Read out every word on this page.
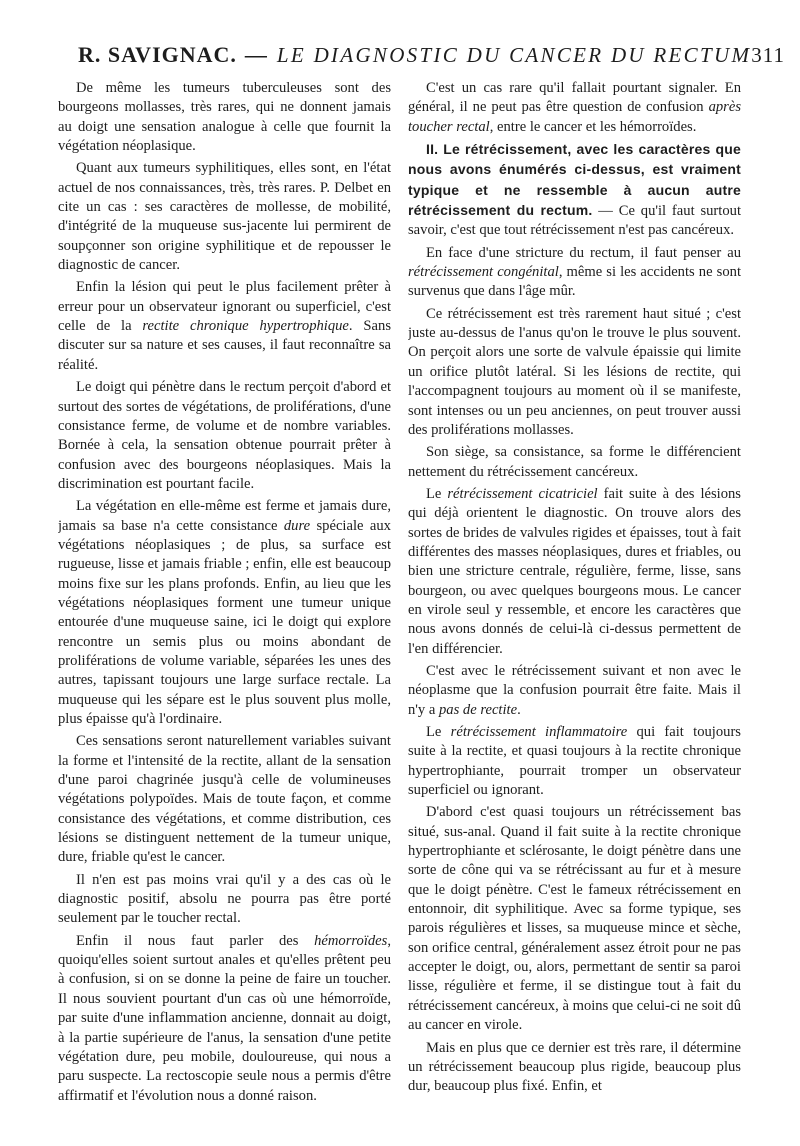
R. SAVIGNAC. — LE DIAGNOSTIC DU CANCER DU RECTUM 311

De même les tumeurs tuberculeuses sont des bourgeons mollasses, très rares, qui ne donnent jamais au doigt une sensation analogue à celle que fournit la végétation néoplasique.

Quant aux tumeurs syphilitiques, elles sont, en l'état actuel de nos connaissances, très, très rares. P. Delbet en cite un cas : ses caractères de mollesse, de mobilité, d'intégrité de la muqueuse sus-jacente lui permirent de soupçonner son origine syphilitique et de repousser le diagnostic de cancer.

Enfin la lésion qui peut le plus facilement prêter à erreur pour un observateur ignorant ou superficiel, c'est celle de la rectite chronique hypertrophique. Sans discuter sur sa nature et ses causes, il faut reconnaître sa réalité.

Le doigt qui pénètre dans le rectum perçoit d'abord et surtout des sortes de végétations, de proliférations, d'une consistance ferme, de volume et de nombre variables. Bornée à cela, la sensation obtenue pourrait prêter à confusion avec des bourgeons néoplasiques. Mais la discrimination est pourtant facile.

La végétation en elle-même est ferme et jamais dure, jamais sa base n'a cette consistance dure spéciale aux végétations néoplasiques ; de plus, sa surface est rugueuse, lisse et jamais friable ; enfin, elle est beaucoup moins fixe sur les plans profonds. Enfin, au lieu que les végétations néoplasiques forment une tumeur unique entourée d'une muqueuse saine, ici le doigt qui explore rencontre un semis plus ou moins abondant de proliférations de volume variable, séparées les unes des autres, tapissant toujours une large surface rectale. La muqueuse qui les sépare est le plus souvent plus molle, plus épaisse qu'à l'ordinaire.

Ces sensations seront naturellement variables suivant la forme et l'intensité de la rectite, allant de la sensation d'une paroi chagrinée jusqu'à celle de volumineuses végétations polypoïdes. Mais de toute façon, et comme consistance des végétations, et comme distribution, ces lésions se distinguent nettement de la tumeur unique, dure, friable qu'est le cancer.

Il n'en est pas moins vrai qu'il y a des cas où le diagnostic positif, absolu ne pourra pas être porté seulement par le toucher rectal.

Enfin il nous faut parler des hémorroïdes, quoiqu'elles soient surtout anales et qu'elles prêtent peu à confusion, si on se donne la peine de faire un toucher. Il nous souvient pourtant d'un cas où une hémorroïde, par suite d'une inflammation ancienne, donnait au doigt, à la partie supérieure de l'anus, la sensation d'une petite végétation dure, peu mobile, douloureuse, qui nous a paru suspecte. La rectoscopie seule nous a permis d'être affirmatif et l'évolution nous a donné raison.

C'est un cas rare qu'il fallait pourtant signaler. En général, il ne peut pas être question de confusion après toucher rectal, entre le cancer et les hémorroïdes.

II. Le rétrécissement, avec les caractères que nous avons énumérés ci-dessus, est vraiment typique et ne ressemble à aucun autre rétrécissement du rectum. — Ce qu'il faut surtout savoir, c'est que tout rétrécissement n'est pas cancéreux.

En face d'une stricture du rectum, il faut penser au rétrécissement congénital, même si les accidents ne sont survenus que dans l'âge mûr.

Ce rétrécissement est très rarement haut situé ; c'est juste au-dessus de l'anus qu'on le trouve le plus souvent. On perçoit alors une sorte de valvule épaissie qui limite un orifice plutôt latéral. Si les lésions de rectite, qui l'accompagnent toujours au moment où il se manifeste, sont intenses ou un peu anciennes, on peut trouver aussi des proliférations mollasses.

Son siège, sa consistance, sa forme le différencient nettement du rétrécissement cancéreux.

Le rétrécissement cicatriciel fait suite à des lésions qui déjà orientent le diagnostic. On trouve alors des sortes de brides de valvules rigides et épaisses, tout à fait différentes des masses néoplasiques, dures et friables, ou bien une stricture centrale, régulière, ferme, lisse, sans bourgeon, ou avec quelques bourgeons mous. Le cancer en virole seul y ressemble, et encore les caractères que nous avons donnés de celui-là ci-dessus permettent de l'en différencier.

C'est avec le rétrécissement suivant et non avec le néoplasme que la confusion pourrait être faite. Mais il n'y a pas de rectite.

Le rétrécissement inflammatoire qui fait toujours suite à la rectite, et quasi toujours à la rectite chronique hypertrophiante, pourrait tromper un observateur superficiel ou ignorant.

D'abord c'est quasi toujours un rétrécissement bas situé, sus-anal. Quand il fait suite à la rectite chronique hypertrophiante et sclérosante, le doigt pénètre dans une sorte de cône qui va se rétrécissant au fur et à mesure que le doigt pénètre. C'est le fameux rétrécissement en entonnoir, dit syphilitique. Avec sa forme typique, ses parois régulières et lisses, sa muqueuse mince et sèche, son orifice central, généralement assez étroit pour ne pas accepter le doigt, ou, alors, permettant de sentir sa paroi lisse, régulière et ferme, il se distingue tout à fait du rétrécissement cancéreux, à moins que celui-ci ne soit dû au cancer en virole.

Mais en plus que ce dernier est très rare, il détermine un rétrécissement beaucoup plus rigide, beaucoup plus dur, beaucoup plus fixé. Enfin, et
